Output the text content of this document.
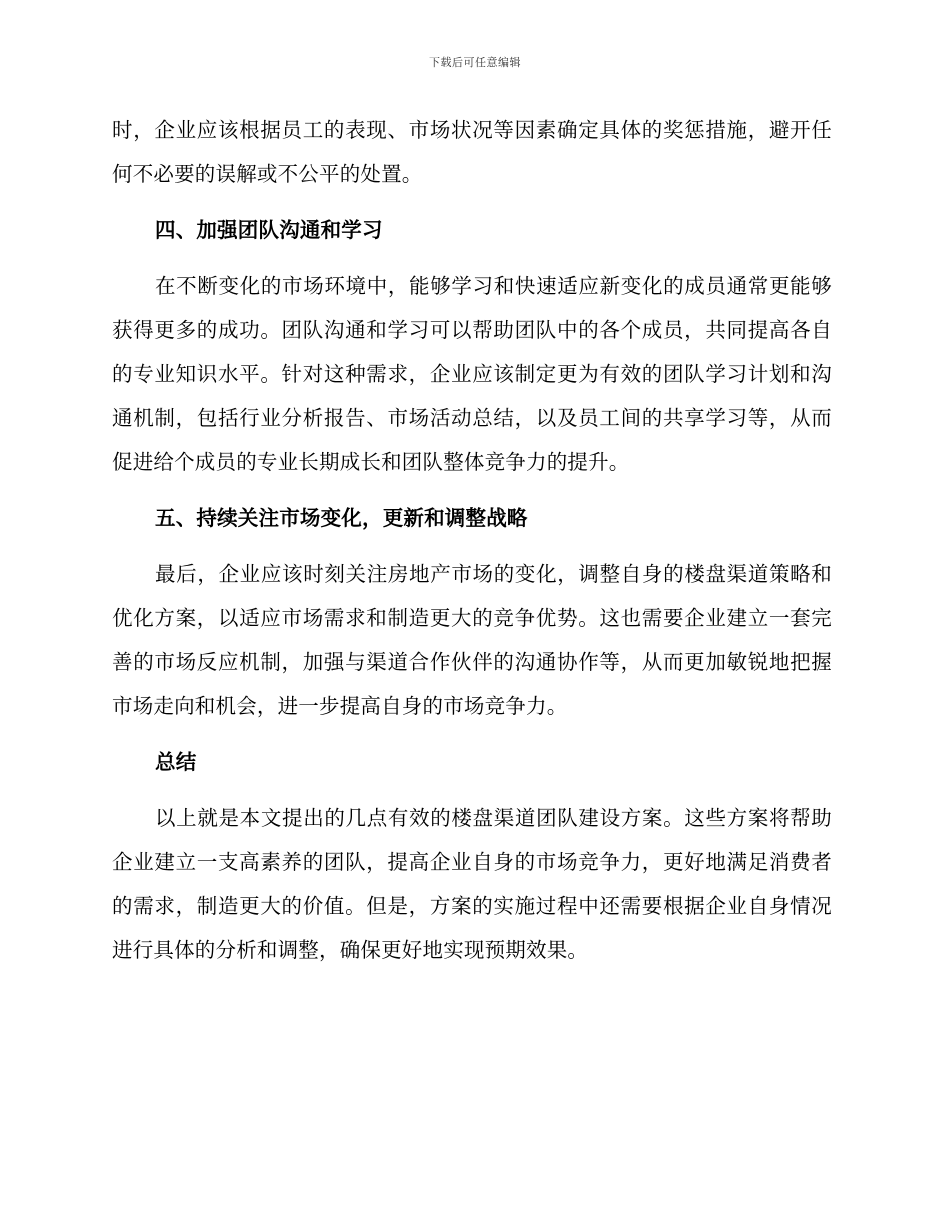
下载后可任意编辑

时，企业应该根据员工的表现、市场状况等因素确定具体的奖惩措施，避开任何不必要的误解或不公平的处置。

四、加强团队沟通和学习

在不断变化的市场环境中，能够学习和快速适应新变化的成员通常更能够获得更多的成功。团队沟通和学习可以帮助团队中的各个成员，共同提高各自的专业知识水平。针对这种需求，企业应该制定更为有效的团队学习计划和沟通机制，包括行业分析报告、市场活动总结，以及员工间的共享学习等，从而促进给个成员的专业长期成长和团队整体竞争力的提升。

五、持续关注市场变化，更新和调整战略

最后，企业应该时刻关注房地产市场的变化，调整自身的楼盘渠道策略和优化方案，以适应市场需求和制造更大的竞争优势。这也需要企业建立一套完善的市场反应机制，加强与渠道合作伙伴的沟通协作等，从而更加敏锐地把握市场走向和机会，进一步提高自身的市场竞争力。

总结

以上就是本文提出的几点有效的楼盘渠道团队建设方案。这些方案将帮助企业建立一支高素养的团队，提高企业自身的市场竞争力，更好地满足消费者的需求，制造更大的价值。但是，方案的实施过程中还需要根据企业自身情况进行具体的分析和调整，确保更好地实现预期效果。
